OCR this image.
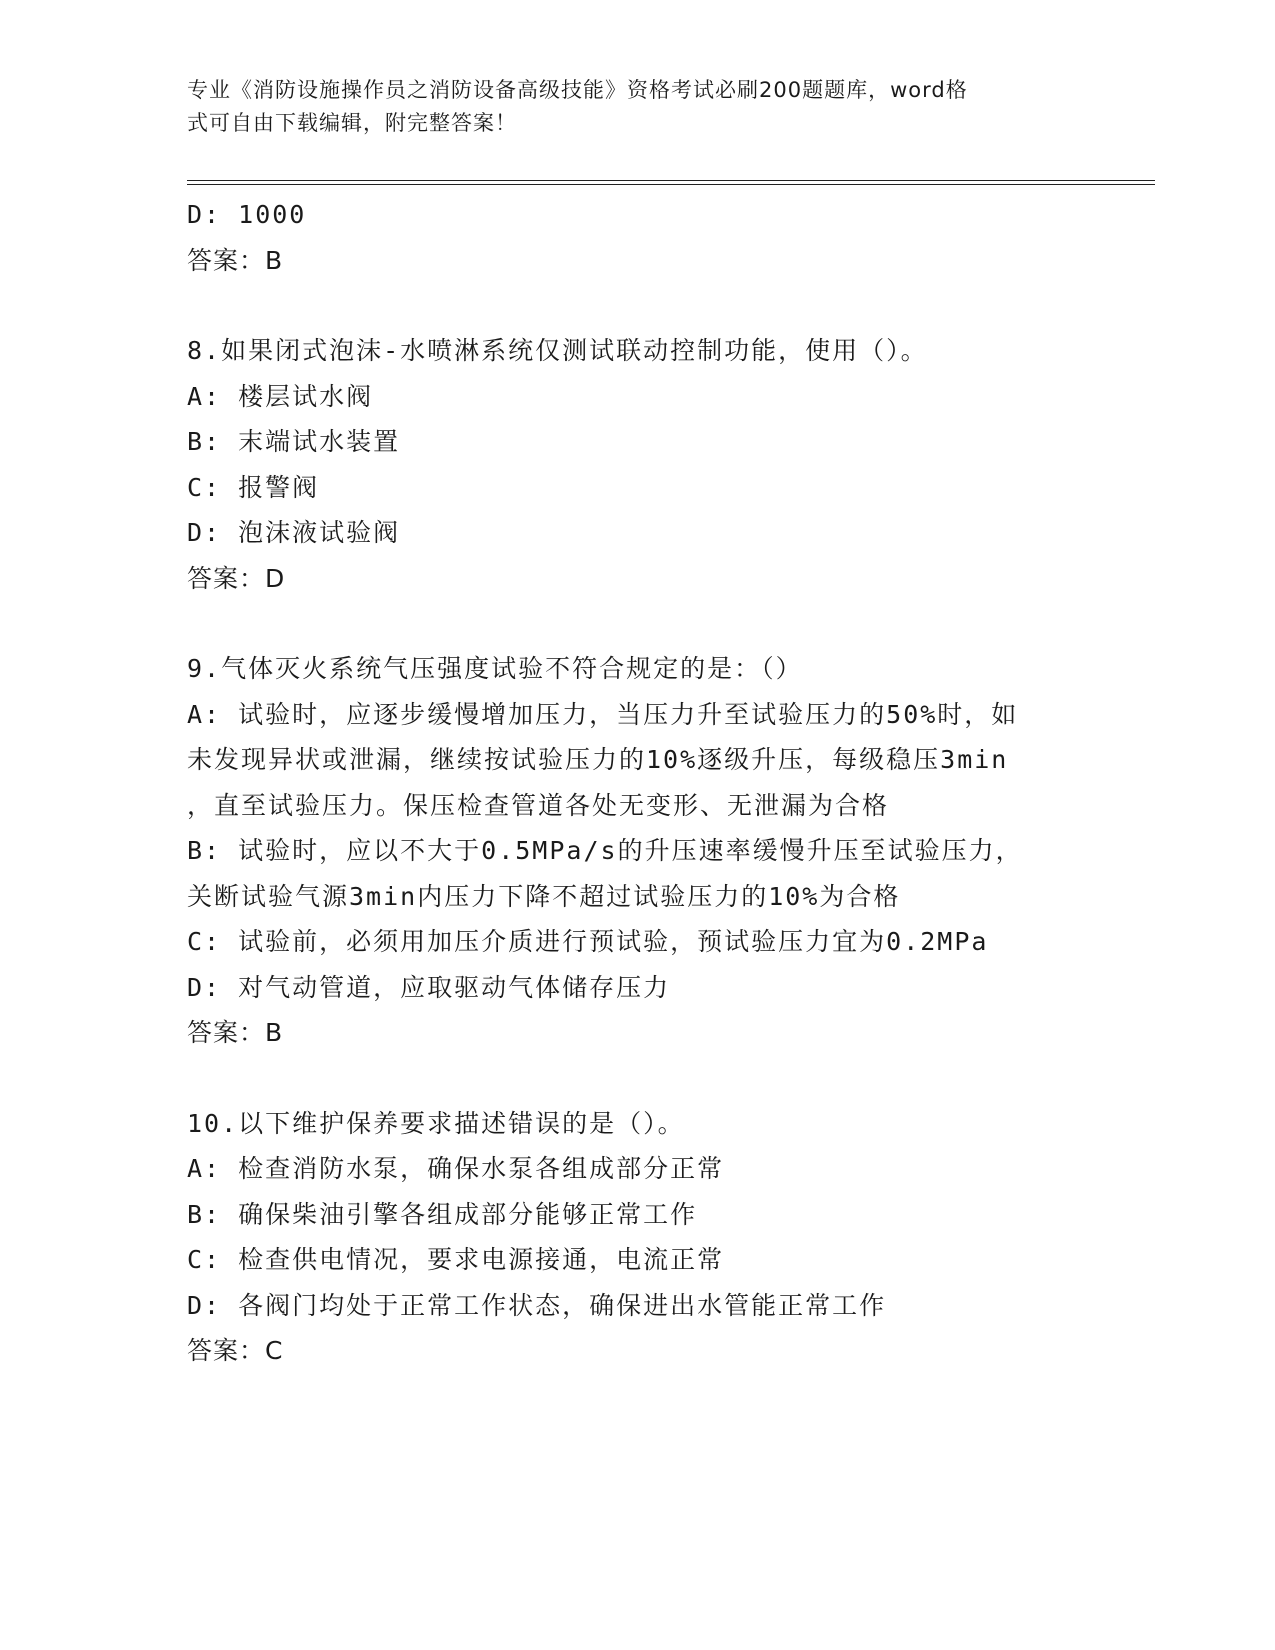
专业《消防设施操作员之消防设备高级技能》资格考试必刷200题题库，word格
式可自由下载编辑，附完整答案！
D: 1000
答案：B
8.如果闭式泡沫-水喷淋系统仅测试联动控制功能，使用（）。
A: 楼层试水阀
B: 末端试水装置
C: 报警阀
D: 泡沫液试验阀
答案：D
9.气体灭火系统气压强度试验不符合规定的是：（）
A: 试验时，应逐步缓慢增加压力，当压力升至试验压力的50%时，如
未发现异状或泄漏，继续按试验压力的10%逐级升压，每级稳压3min
，直至试验压力。保压检查管道各处无变形、无泄漏为合格
B: 试验时，应以不大于0.5MPa/s的升压速率缓慢升压至试验压力，
关断试验气源3min内压力下降不超过试验压力的10%为合格
C: 试验前，必须用加压介质进行预试验，预试验压力宜为0.2MPa
D: 对气动管道，应取驱动气体储存压力
答案：B
10.以下维护保养要求描述错误的是（）。
A: 检查消防水泵，确保水泵各组成部分正常
B: 确保柴油引擎各组成部分能够正常工作
C: 检查供电情况，要求电源接通，电流正常
D: 各阀门均处于正常工作状态，确保进出水管能正常工作
答案：C
